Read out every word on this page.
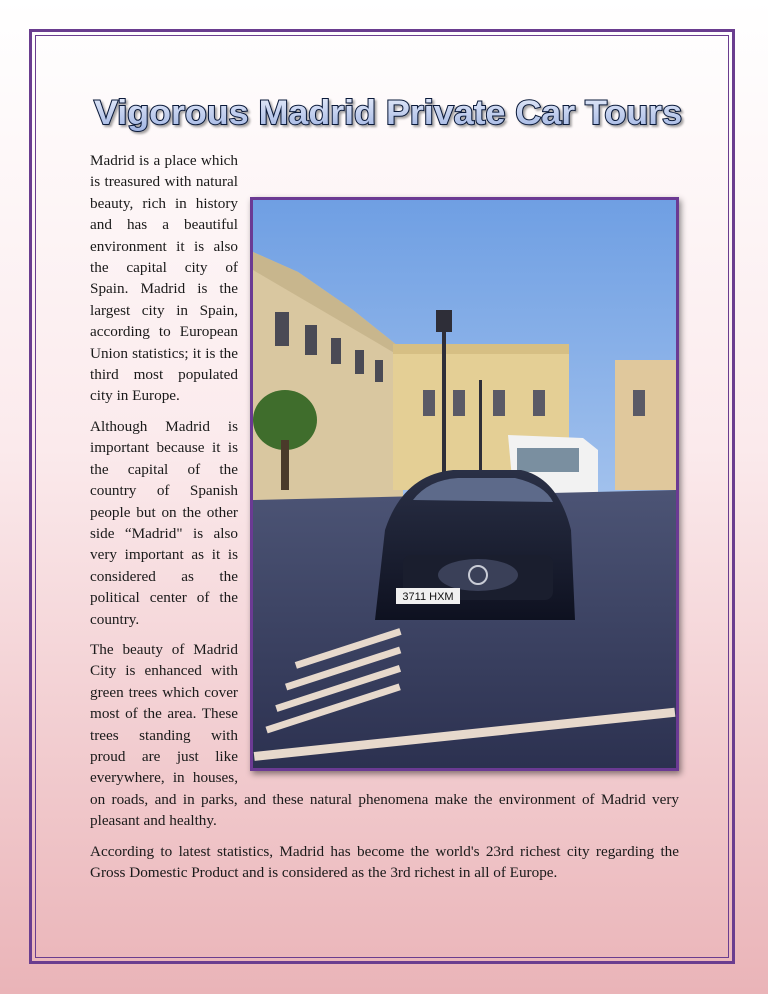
Vigorous Madrid Private Car Tours
3711 HXM

Madrid is a place which is treasured with natural beauty, rich in history and has a beautiful environment it is also the capital city of Spain. Madrid is the largest city in Spain, according to European Union statistics; it is the third most populated city in Europe.

Although Madrid is important because it is the capital of the country of Spanish people but on the other side “Madrid" is also very important as it is considered as the political center of the country.

The beauty of Madrid City is enhanced with green trees which cover most of the area. These trees standing with proud are just like everywhere, in houses, on roads, and in parks, and these natural phenomena make the environment of Madrid very pleasant and healthy.

According to latest statistics, Madrid has become the world's 23rd richest city regarding the Gross Domestic Product and is considered as the 3rd richest in all of Europe.
